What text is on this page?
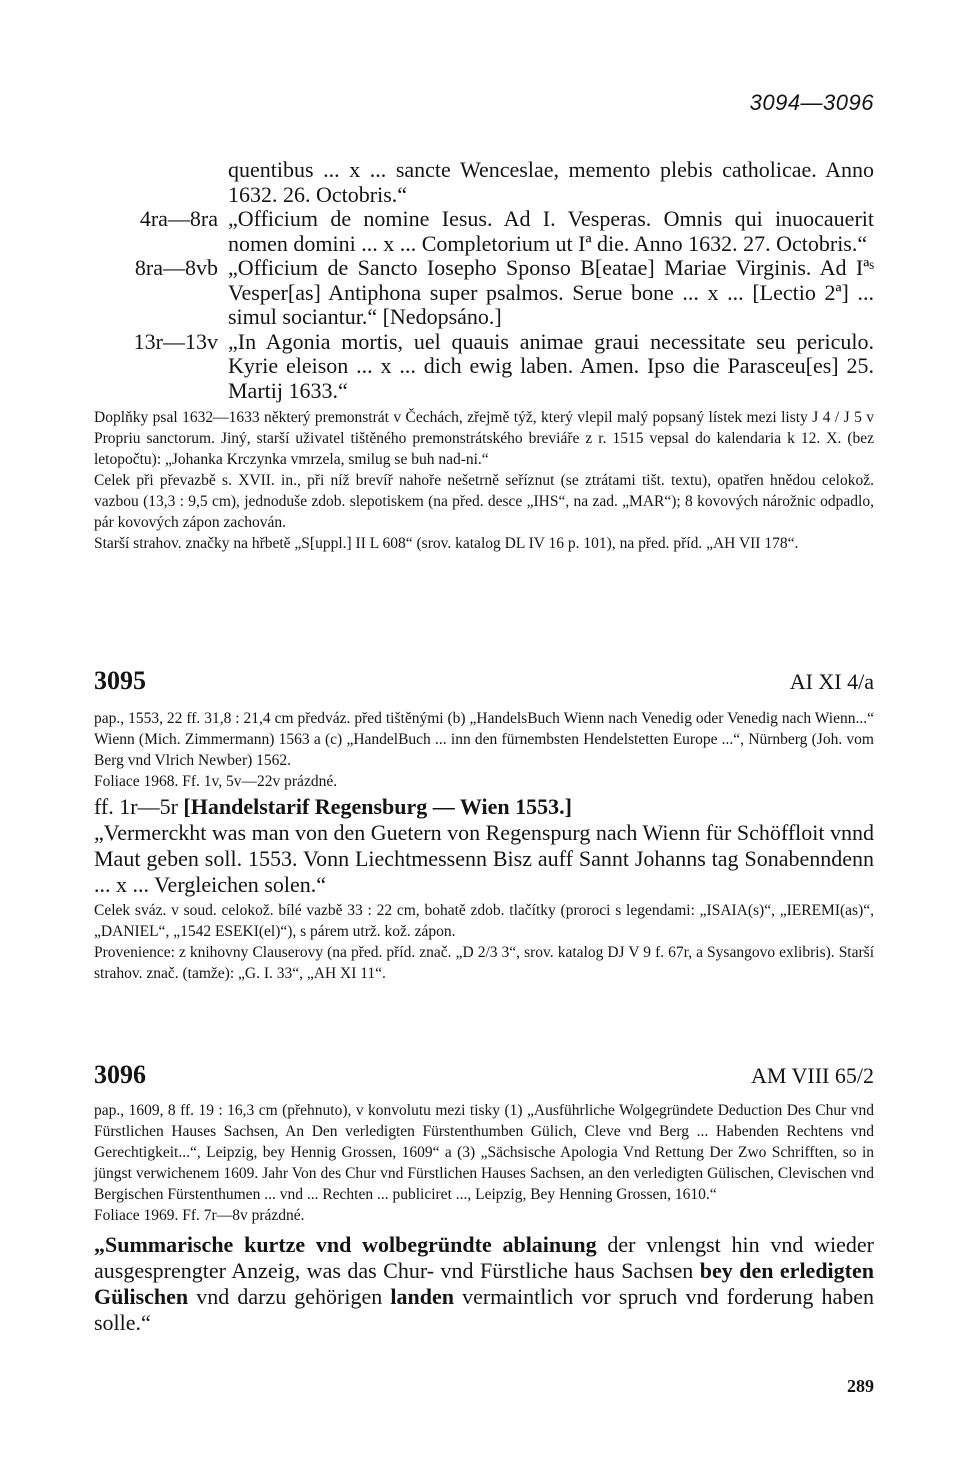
3094—3096
quentibus ... x ... sancte Wenceslae, memento plebis catholicae. Anno 1632. 26. Octobris.“
4ra—8ra „Officium de nomine Iesus. Ad I. Vesperas. Omnis qui inuocauerit nomen domini ... x ... Completorium ut Iª die. Anno 1632. 27. Octobris.“
8ra—8vb „Officium de Sancto Iosepho Sponso B[eatae] Mariae Virginis. Ad Iªˢ Vesper[as] Antiphona super psalmos. Serue bone ... x ... [Lectio 2ª] ... simul sociantur.“ [Nedopsáno.]
13r—13v „In Agonia mortis, uel quauis animae graui necessitate seu periculo. Kyrie eleison ... x ... dich ewig laben. Amen. Ipso die Parasceu[es] 25. Martij 1633.“
Doplňky psal 1632—1633 některý premonstrát v Čechách, zřejmě týž, který vlepil malý popsaný lístek mezi listy J 4 / J 5 v Propriu sanctorum. Jiný, starší uživatel tištěného premonstrátského breviáře z r. 1515 vepsal do kalendaria k 12. X. (bez letopočtu): „Johanka Krczynka vmrzela, smilug se buh nad-ni.“
Celek při převazbě s. XVII. in., při níž brevíř nahoře nešetrně seříznut (se ztrátami tišt. textu), opatřen hnědou celokož. vazbou (13,3 : 9,5 cm), jednoduše zdob. slepotiskem (na před. desce „IHS“, na zad. „MAR“); 8 kovových nárožnic odpadlo, pár kovových zápon zachován.
Starší strahov. značky na hřbetě „S[uppl.] II L 608“ (srov. katalog DL IV 16 p. 101), na před. příd. „AH VII 178“.
3095	AI XI 4/a
pap., 1553, 22 ff. 31,8 : 21,4 cm předváz. před tištěnými (b) „HandelsBuch Wienn nach Venedig oder Venedig nach Wienn...“ Wienn (Mich. Zimmermann) 1563 a (c) „HandelBuch ... inn den fürnembsten Hendelstetten Europe ...“, Nürnberg (Joh. vom Berg vnd Vlrich Newber) 1562.
Foliace 1968. Ff. 1v, 5v—22v prázdné.
ff. 1r—5r [Handelstarif Regensburg — Wien 1553.]
„Vermerckht was man von den Guetern von Regenspurg nach Wienn für Schöffloit vnnd Maut geben soll. 1553. Vonn Liechtmessenn Bisz auff Sannt Johanns tag Sonabenndenn ... x ... Vergleichen solen.“
Celek sváz. v soud. celokož. bílé vazbě 33 : 22 cm, bohatě zdob. tlačítky (proroci s legendami: „ISAIA(s)“, „IEREMI(as)“, „DANIEL“, „1542 ESEKI(el)“), s párem utrž. kož. zápon.
Provenience: z knihovny Clauserovy (na před. příd. znač. „D 2/3 3“, srov. katalog DJ V 9 f. 67r, a Sysangovo exlibris). Starší strahov. znač. (tamže): „G. I. 33“, „AH XI 11“.
3096	AM VIII 65/2
pap., 1609, 8 ff. 19 : 16,3 cm (přehnuto), v konvolutu mezi tisky (1) „Ausführliche Wolgegründete Deduction Des Chur vnd Fürstlichen Hauses Sachsen, An Den verledigten Fürstenthumben Gülich, Cleve vnd Berg ... Habenden Rechtens vnd Gerechtigkeit...“, Leipzig, bey Hennig Grossen, 1609“ a (3) „Sächsische Apologia Vnd Rettung Der Zwo Schrifften, so in jüngst verwichenem 1609. Jahr Von des Chur vnd Fürstlichen Hauses Sachsen, an den verledigten Gülischen, Clevischen vnd Bergischen Fürstenthumen ... vnd ... Rechten ... publiciret ..., Leipzig, Bey Henning Grossen, 1610.“
Foliace 1969. Ff. 7r—8v prázdné.
„Summarische kurtze vnd wolbegründte ablainung der vnlengst hin vnd wieder ausgesprengter Anzeig, was das Chur- vnd Fürstliche haus Sachsen bey den erledigten Gülischen vnd darzu gehörigen landen vermaintlich vor spruch vnd forderung haben solle.“
289
